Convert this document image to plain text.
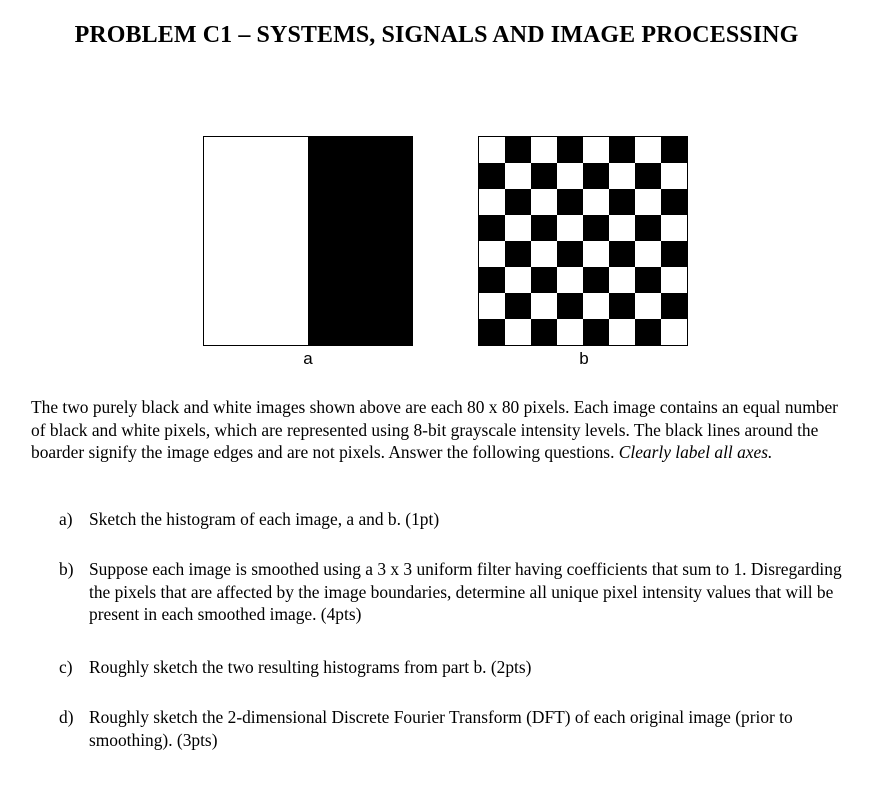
PROBLEM C1 – SYSTEMS, SIGNALS AND IMAGE PROCESSING
a	b
The two purely black and white images shown above are each 80 x 80 pixels. Each image contains an equal number of black and white pixels, which are represented using 8-bit grayscale intensity levels. The black lines around the boarder signify the image edges and are not pixels. Answer the following questions. Clearly label all axes.
a) Sketch the histogram of each image, a and b. (1pt)
b) Suppose each image is smoothed using a 3 x 3 uniform filter having coefficients that sum to 1. Disregarding the pixels that are affected by the image boundaries, determine all unique pixel intensity values that will be present in each smoothed image. (4pts)
c) Roughly sketch the two resulting histograms from part b. (2pts)
d) Roughly sketch the 2-dimensional Discrete Fourier Transform (DFT) of each original image (prior to smoothing). (3pts)
